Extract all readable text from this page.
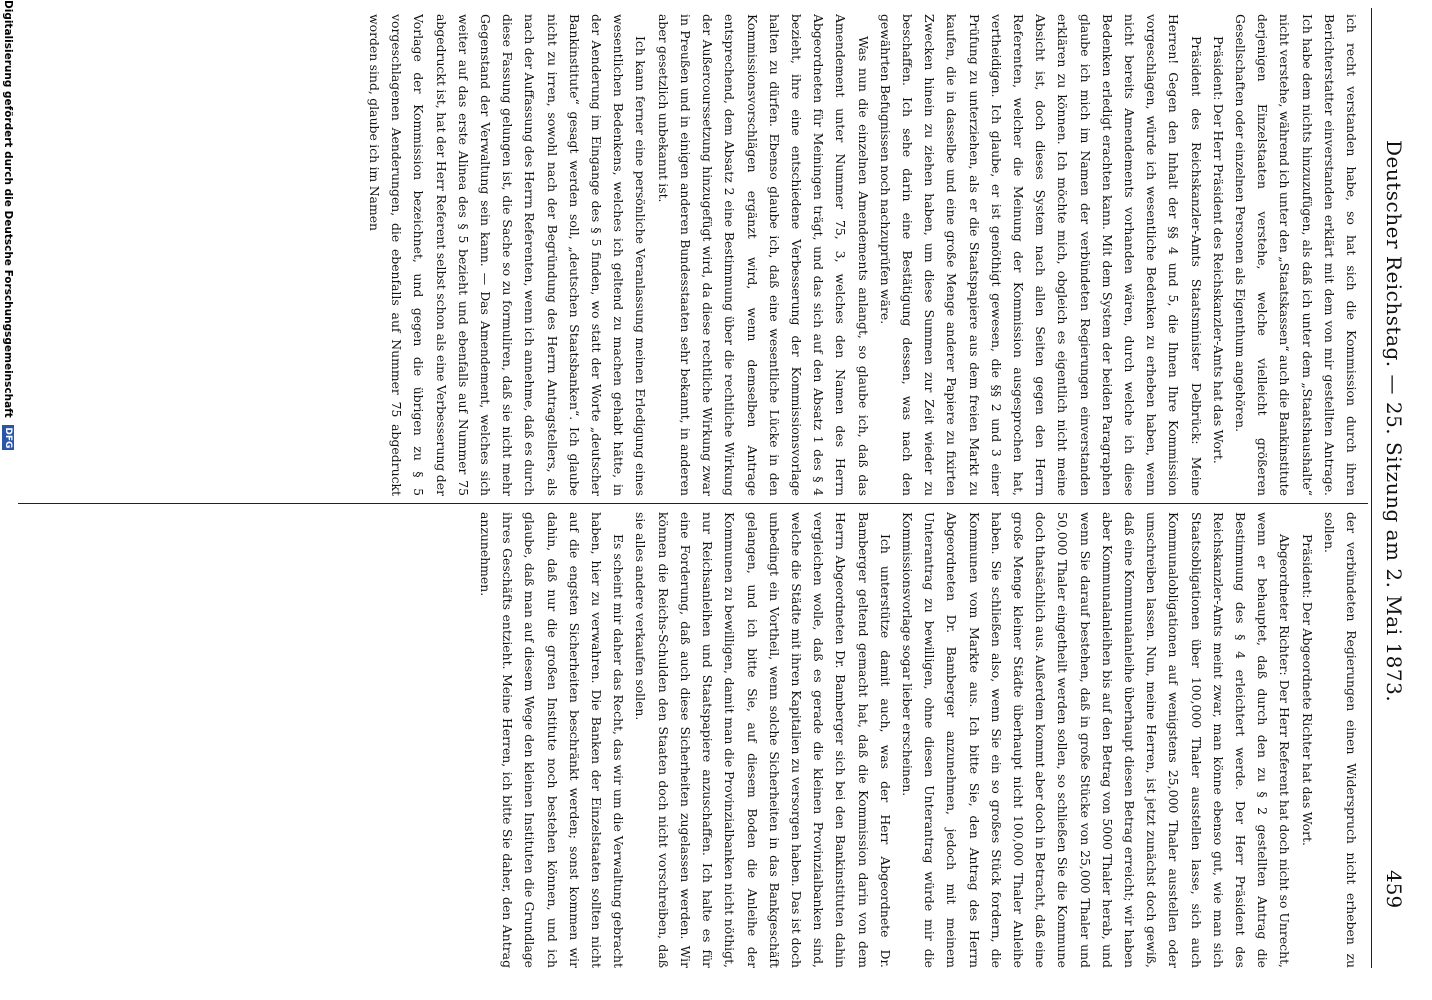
Deutscher Reichstag. — 25. Sitzung am 2. Mai 1873.
459

ich recht verstanden habe, so hat sich die Kommission durch ihren Berichterstatter einverstanden erklärt mit dem von mir gestellten Antrage. Ich habe dem nichts hinzuzufügen, als daß ich unter dem „Staatshaushalte“ nicht verstehe, während ich unter den „Staatskassen“ auch die Bankinstitute derjenigen Einzelstaaten verstehe, welche vielleicht größeren Gesellschaften oder einzelnen Personen als Eigenthum angehören.

Präsident: Der Herr Präsident des Reichskanzler-Amts hat das Wort.

Präsident des Reichskanzler-Amts Staatsminister Delbrück: Meine Herren! Gegen den Inhalt der §§ 4 und 5, die Ihnen Ihre Kommission vorgeschlagen, würde ich wesentliche Bedenken zu erheben haben, wenn nicht bereits Amendements vorhanden wären, durch welche ich diese Bedenken erledigt erachten kann. Mit dem System der beiden Paragraphen glaube ich mich im Namen der verbündeten Regierungen einverstanden erklären zu können. Ich möchte mich, obgleich es eigentlich nicht meine Absicht ist, doch dieses System nach allen Seiten gegen den Herrn Referenten, welcher die Meinung der Kommission ausgesprochen hat, vertheidigen. Ich glaube, er ist genöthigt gewesen, die §§ 2 und 3 einer Prüfung zu unterziehen, als er die Staatspapiere aus dem freien Markt zu kaufen, die in dasselbe und eine große Menge anderer Papiere zu fixirten Zwecken hinein zu ziehen haben, um diese Summen zur Zeit wieder zu beschaffen. Ich sehe darin eine Bestätigung dessen, was nach den gewährten Befugnissen noch nachzuprüfen wäre.

Was nun die einzelnen Amendements anlangt, so glaube ich, daß das Amendement unter Nummer 75, 3, welches den Namen des Herrn Abgeordneten für Meiningen trägt, und das sich auf den Absatz 1 des § 4 bezieht, ihre eine entschiedene Verbesserung der Kommissionsvorlage halten zu dürfen. Ebenso glaube ich, daß eine wesentliche Lücke in den Kommissionsvorschlägen ergänzt wird, wenn demselben Antrage entsprechend, dem Absatz 2 eine Bestimmung über die rechtliche Wirkung der Außercourssetzung hinzugefügt wird, da diese rechtliche Wirkung zwar in Preußen und in einigen anderen Bundesstaaten sehr bekannt, in anderen aber gesetzlich unbekannt ist.

Ich kann ferner eine persönliche Veranlassung meinen Erledigung eines wesentlichen Bedenkens, welches ich geltend zu machen gehabt hätte, in der Aenderung im Eingange des § 5 finden, wo statt der Worte „deutscher Bankinstitute“ gesagt werden soll, „deutschen Staatsbanken“. Ich glaube nicht zu irren, sowohl nach der Begründung des Herrn Antragstellers, als nach der Auffassung des Herrn Referenten, wenn ich annehme, daß es durch diese Fassung gelungen ist, die Sache so zu formuliren, daß sie nicht mehr Gegenstand der Verwaltung sein kann. — Das Amendement, welches sich weiter auf das erste Alinea des § 5 bezieht und ebenfalls auf Nummer 75 abgedruckt ist, hat der Herr Referent selbst schon als eine Verbesserung der Vorlage der Kommission bezeichnet, und gegen die übrigen zu § 5 vorgeschlagenen Aenderungen, die ebenfalls auf Nummer 75 abgedruckt worden sind, glaube ich im Namen

der verbündeten Regierungen einen Widerspruch nicht erheben zu sollen.

Präsident: Der Abgeordnete Richter hat das Wort.

Abgeordneter Richter: Der Herr Referent hat doch nicht so Unrecht, wenn er behauptet, daß durch den zu § 2 gestellten Antrag die Bestimmung des § 4 erleichtert werde. Der Herr Präsident des Reichskanzler-Amts meint zwar, man könne ebenso gut, wie man sich Staatsobligationen über 100,000 Thaler ausstellen lasse, sich auch Kommunalobligationen auf wenigstens 25,000 Thaler ausstellen oder umschreiben lassen. Nun, meine Herren, ist jetzt zunächst doch gewiß, daß eine Kommunalanleihe überhaupt diesen Betrag erreicht; wir haben aber Kommunalanleihen bis auf den Betrag von 5000 Thaler herab, und wenn Sie darauf bestehen, daß in große Stücke von 25,000 Thaler und 50,000 Thaler eingetheilt werden sollen, so schließen Sie die Kommune doch thatsächlich aus. Außerdem kommt aber doch in Betracht, daß eine große Menge kleiner Städte überhaupt nicht 100,000 Thaler Anleihe haben. Sie schließen also, wenn Sie ein so großes Stück fordern, die Kommunen vom Markte aus. Ich bitte Sie, den Antrag des Herrn Abgeordneten Dr. Bamberger anzunehmen, jedoch mit meinem Unterantrag zu bewilligen, ohne diesen Unterantrag würde mir die Kommissionsvorlage sogar lieber erscheinen.

Ich unterstütze damit auch, was der Herr Abgeordnete Dr. Bamberger geltend gemacht hat, daß die Kommission darin von dem Herrn Abgeordneten Dr. Bamberger sich bei den Bankinstituten dahin vergleichen wolle, daß es gerade die kleinen Provinzialbanken sind, welche die Städte mit ihren Kapitalien zu versorgen haben. Das ist doch unbedingt ein Vortheil, wenn solche Sicherheiten in das Bankgeschäft gelangen, und ich bitte Sie, auf diesem Boden die Anleihe der Kommunen zu bewilligen, damit man die Provinzialbanken nicht nöthigt, nur Reichsanleihen und Staatspapiere anzuschaffen. Ich halte es für eine Forderung, daß auch diese Sicherheiten zugelassen werden. Wir können die Reichs-Schulden den Staaten doch nicht vorschreiben, daß sie alles andere verkaufen sollen.

Es scheint mir daher das Recht, das wir um die Verwaltung gebracht haben, hier zu verwahren. Die Banken der Einzelstaaten sollten nicht auf die engsten Sicherheiten beschränkt werden; sonst kommen wir dahin, daß nur die großen Institute noch bestehen können, und ich glaube, daß man auf diesem Wege den kleinen Instituten die Grundlage ihres Geschäfts entzieht. Meine Herren, ich bitte Sie daher, den Antrag anzunehmen.

Digitalisierung gefördert durch die Deutsche Forschungsgemeinschaft DFG
